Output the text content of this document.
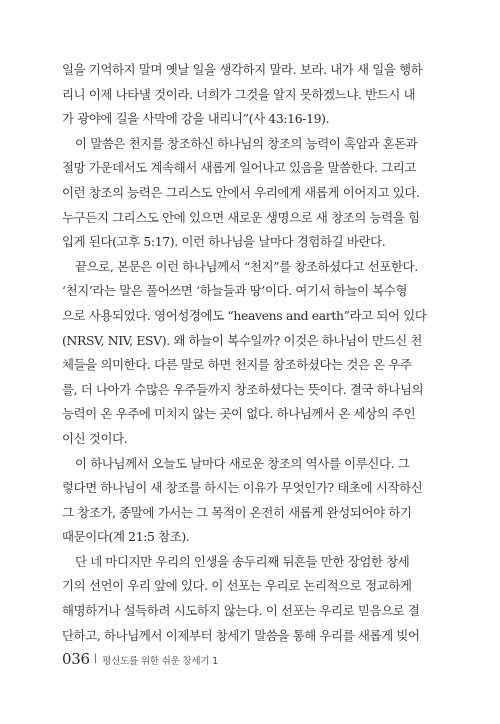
일을 기억하지 말며 옛날 일을 생각하지 말라. 보라. 내가 새 일을 행하
리니 이제 나타낼 것이라. 너희가 그것을 알지 못하겠느냐. 반드시 내
가 광야에 길을 사막에 강을 내리니”(사 43:16-19).
이 말씀은 천지를 창조하신 하나님의 창조의 능력이 혹암과 혼돈과
절망 가운데서도 계속해서 새롭게 일어나고 있음을 말씀한다. 그리고
이런 창조의 능력은 그리스도 안에서 우리에게 새롭게 이어지고 있다.
누구든지 그리스도 안에 있으면 새로운 생명으로 새 창조의 능력을 힘
입게 된다(고후 5:17). 이런 하나님을 날마다 경험하길 바란다.
끝으로, 본문은 이런 하나님께서 “천지”를 창조하셨다고 선포한다.
‘천지’라는 말은 풀어쓰면 ‘하늘들과 땅’이다. 여기서 하늘이 복수형
으로 사용되었다. 영어성경에도 “heavens and earth”라고 되어 있다
(NRSV, NIV, ESV). 왜 하늘이 복수일까? 이것은 하나님이 만드신 천
체들을 의미한다. 다른 말로 하면 천지를 창조하셨다는 것은 온 우주
를, 더 나아가 수많은 우주들까지 창조하셨다는 뜻이다. 결국 하나님의
능력이 온 우주에 미치지 않는 곳이 없다. 하나님께서 온 세상의 주인
이신 것이다.
이 하나님께서 오늘도 날마다 새로운 창조의 역사를 이루신다. 그
렇다면 하나님이 새 창조를 하시는 이유가 무엇인가? 태초에 시작하신
그 창조가, 종말에 가서는 그 목적이 온전히 새롭게 완성되어야 하기
때문이다(계 21:5 참조).
단 네 마디지만 우리의 인생을 송두리째 뒤흔들 만한 장엄한 창세
기의 선언이 우리 앞에 있다. 이 선포는 우리로 논리적으로 정교하게
해명하거나 설득하려 시도하지 않는다. 이 선포는 우리로 믿음으로 결
단하고, 하나님께서 이제부터 창세기 말씀을 통해 우리를 새롭게 빚어
036 | 평신도를 위한 쉬운 창세기 1
